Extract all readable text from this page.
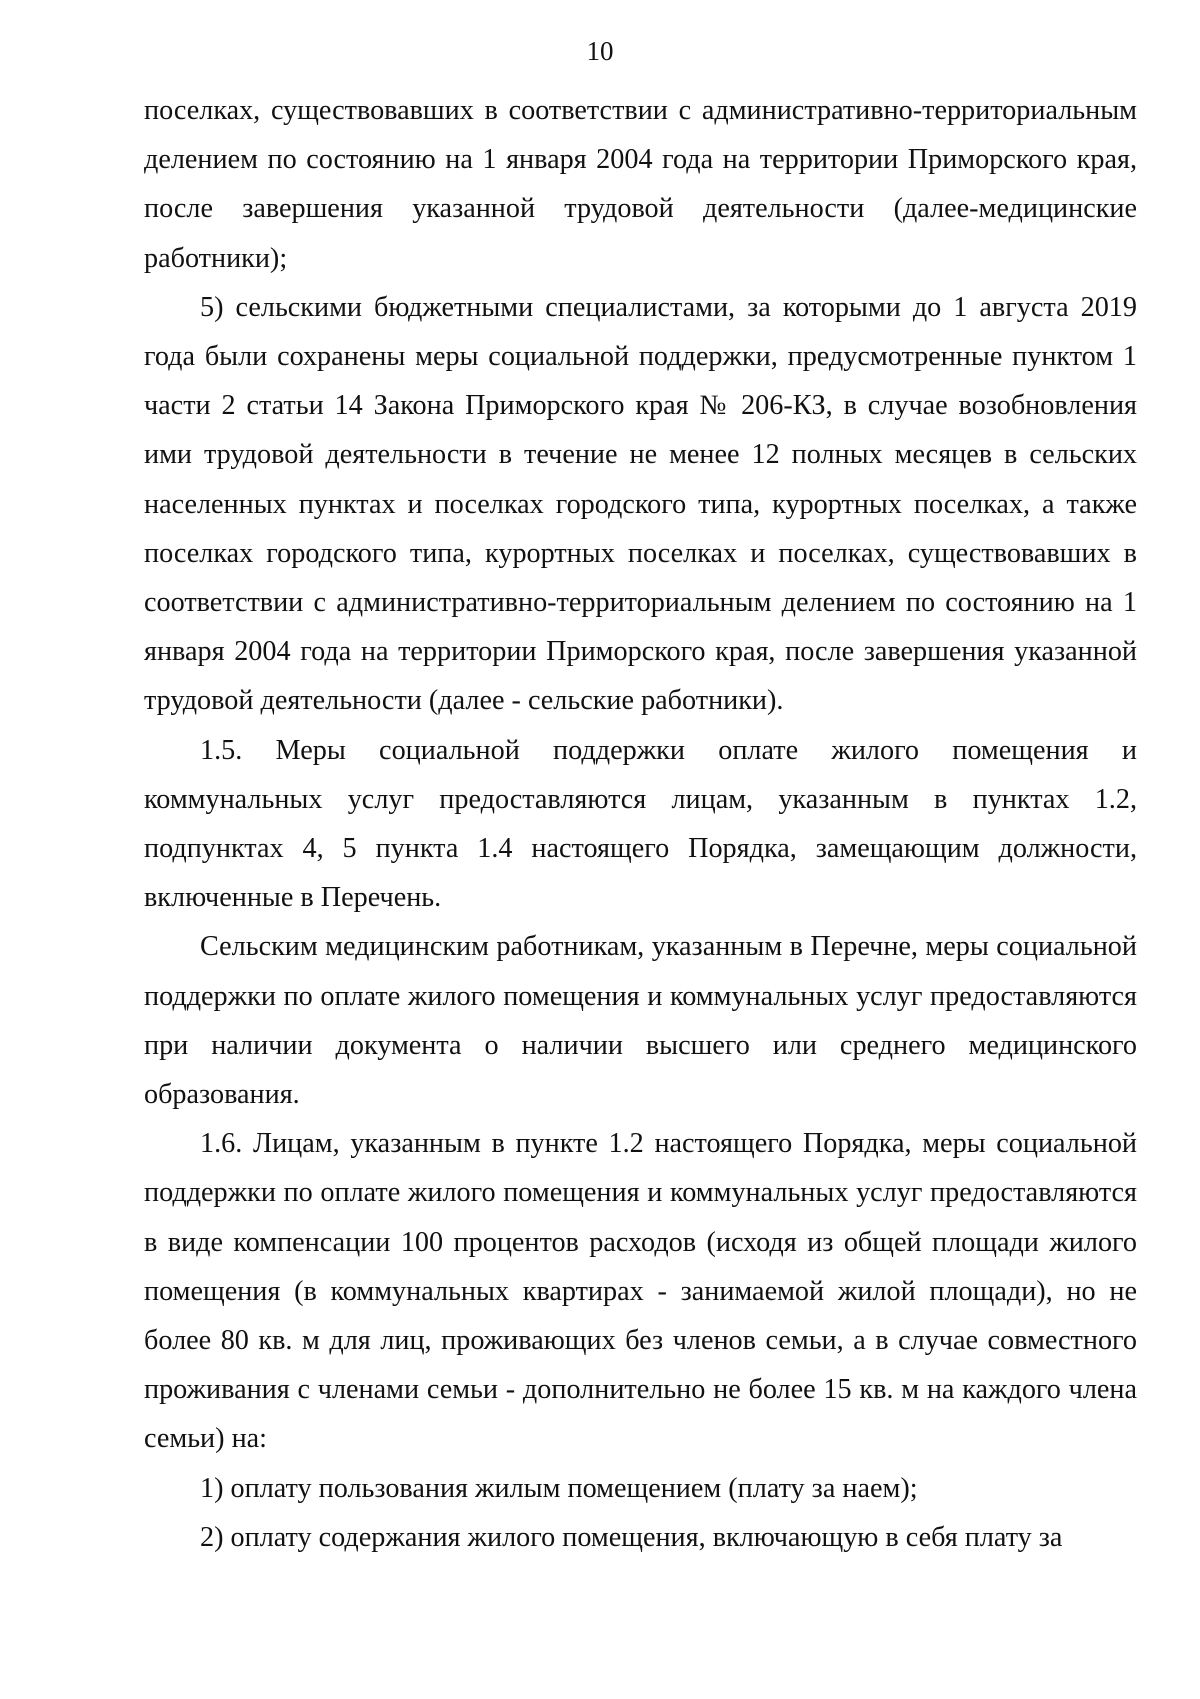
10

поселках, существовавших в соответствии с административно-территориальным делением по состоянию на 1 января 2004 года на территории Приморского края, после завершения указанной трудовой деятельности (далее-медицинские работники);

5) сельскими бюджетными специалистами, за которыми до 1 августа 2019 года были сохранены меры социальной поддержки, предусмотренные пунктом 1 части 2 статьи 14 Закона Приморского края № 206-КЗ, в случае возобновления ими трудовой деятельности в течение не менее 12 полных месяцев в сельских населенных пунктах и поселках городского типа, курортных поселках, а также поселках городского типа, курортных поселках и поселках, существовавших в соответствии с административно-территориальным делением по состоянию на 1 января 2004 года на территории Приморского края, после завершения указанной трудовой деятельности (далее - сельские работники).

1.5. Меры социальной поддержки оплате жилого помещения и коммунальных услуг предоставляются лицам, указанным в пунктах 1.2, подпунктах 4, 5 пункта 1.4 настоящего Порядка, замещающим должности, включенные в Перечень.

Сельским медицинским работникам, указанным в Перечне, меры социальной поддержки по оплате жилого помещения и коммунальных услуг предоставляются при наличии документа о наличии высшего или среднего медицинского образования.

1.6. Лицам, указанным в пункте 1.2 настоящего Порядка, меры социальной поддержки по оплате жилого помещения и коммунальных услуг предоставляются в виде компенсации 100 процентов расходов (исходя из общей площади жилого помещения (в коммунальных квартирах - занимаемой жилой площади), но не более 80 кв. м для лиц, проживающих без членов семьи, а в случае совместного проживания с членами семьи - дополнительно не более 15 кв. м на каждого члена семьи) на:

1) оплату пользования жилым помещением (плату за наем);

2) оплату содержания жилого помещения, включающую в себя плату за
